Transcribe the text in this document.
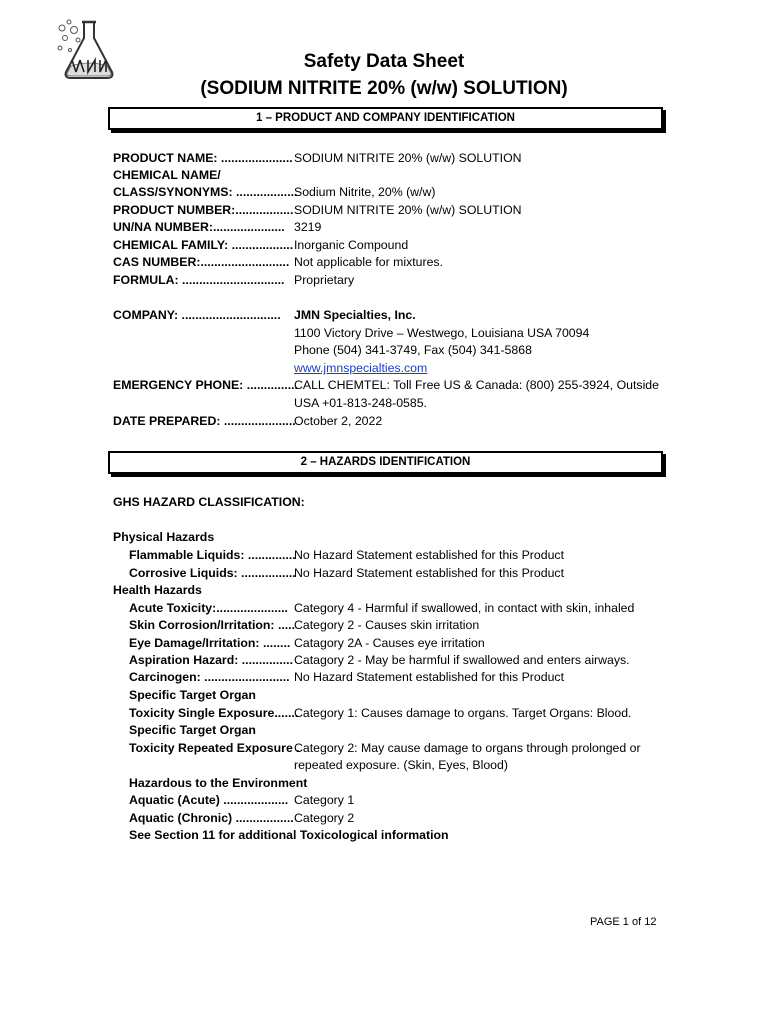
Safety Data Sheet
(SODIUM NITRITE 20% (w/w) SOLUTION)
1 – PRODUCT AND COMPANY IDENTIFICATION
PRODUCT NAME: ..................... SODIUM NITRITE 20% (w/w) SOLUTION
CHEMICAL NAME/
CLASS/SYNONYMS: ..................
Sodium Nitrite, 20% (w/w)
PRODUCT NUMBER:................. SODIUM NITRITE 20% (w/w) SOLUTION
UN/NA NUMBER:..................... 3219
CHEMICAL FAMILY: .................. Inorganic Compound
CAS NUMBER:.......................... Not applicable for mixtures.
FORMULA: .............................. Proprietary
COMPANY: ............................. JMN Specialties, Inc.
1100 Victory Drive – Westwego, Louisiana USA 70094
Phone (504) 341-3749, Fax (504) 341-5868
www.jmnspecialties.com
EMERGENCY PHONE: ...............
CALL CHEMTEL: Toll Free US & Canada: (800) 255-3924, Outside
USA +01-813-248-0585.
DATE PREPARED: .....................
October 2, 2022
2 – HAZARDS IDENTIFICATION
GHS HAZARD CLASSIFICATION:
Physical Hazards
Flammable Liquids: ..............
No Hazard Statement established for this Product
Corrosive Liquids: ................
No Hazard Statement established for this Product
Health Hazards
Acute Toxicity:..................... Category 4 - Harmful if swallowed, in contact with skin, inhaled
Skin Corrosion/Irritation: .....
Category 2 - Causes skin irritation
Eye Damage/Irritation: ........ Catagory 2A - Causes eye irritation
Aspiration Hazard: ............... Catagory 2 - May be harmful if swallowed and enters airways.
Carcinogen: ......................... No Hazard Statement established for this Product
Specific Target Organ
Toxicity Single Exposure.......
Category 1: Causes damage to organs. Target Organs: Blood.
Specific Target Organ
Toxicity Repeated Exposure .
Category 2: May cause damage to organs through prolonged or
repeated exposure. (Skin, Eyes, Blood)
Hazardous to the Environment
Aquatic (Acute) ................... Category 1
Aquatic (Chronic) ................. Category 2
See Section 11 for additional Toxicological information
PAGE 1 of 12
